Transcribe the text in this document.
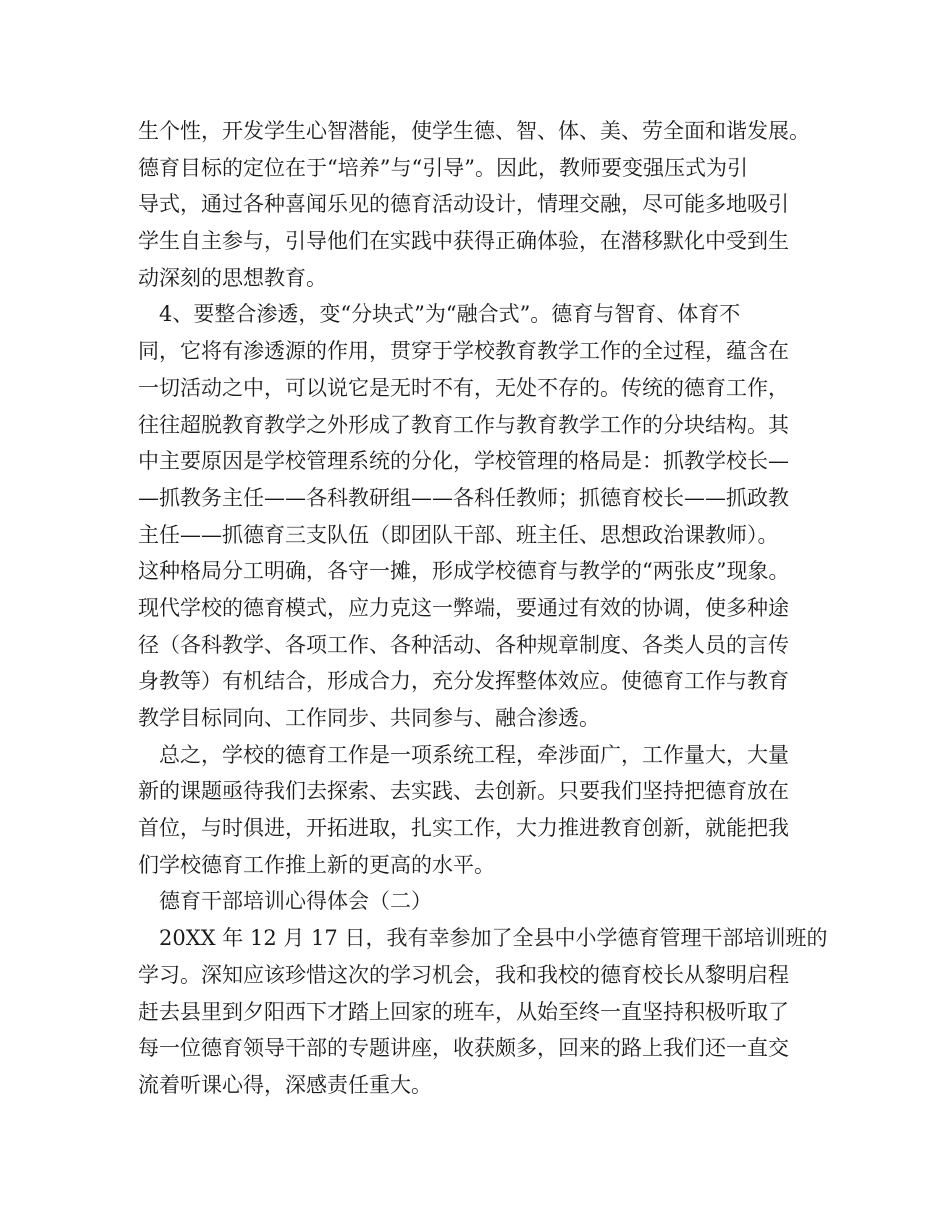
生个性，开发学生心智潜能，使学生德、智、体、美、劳全面和谐发展。
德育目标的定位在于“培养”与“引导”。因此，教师要变强压式为引
导式，通过各种喜闻乐见的德育活动设计，情理交融，尽可能多地吸引
学生自主参与，引导他们在实践中获得正确体验，在潜移默化中受到生
动深刻的思想教育。
4、要整合渗透，变“分块式”为“融合式”。德育与智育、体育不
同，它将有渗透源的作用，贯穿于学校教育教学工作的全过程，蕴含在
一切活动之中，可以说它是无时不有，无处不存的。传统的德育工作，
往往超脱教育教学之外形成了教育工作与教育教学工作的分块结构。其
中主要原因是学校管理系统的分化，学校管理的格局是：抓教学校长—
—抓教务主任——各科教研组——各科任教师；抓德育校长——抓政教
主任——抓德育三支队伍（即团队干部、班主任、思想政治课教师）。
这种格局分工明确，各守一摊，形成学校德育与教学的“两张皮”现象。
现代学校的德育模式，应力克这一弊端，要通过有效的协调，使多种途
径（各科教学、各项工作、各种活动、各种规章制度、各类人员的言传
身教等）有机结合，形成合力，充分发挥整体效应。使德育工作与教育
教学目标同向、工作同步、共同参与、融合渗透。
总之，学校的德育工作是一项系统工程，牵涉面广，工作量大，大量
新的课题亟待我们去探索、去实践、去创新。只要我们坚持把德育放在
首位，与时俱进，开拓进取，扎实工作，大力推进教育创新，就能把我
们学校德育工作推上新的更高的水平。
德育干部培训心得体会（二）
20XX 年 12 月 17 日，我有幸参加了全县中小学德育管理干部培训班的
学习。深知应该珍惜这次的学习机会，我和我校的德育校长从黎明启程
赶去县里到夕阳西下才踏上回家的班车，从始至终一直坚持积极听取了
每一位德育领导干部的专题讲座，收获颇多，回来的路上我们还一直交
流着听课心得，深感责任重大。
